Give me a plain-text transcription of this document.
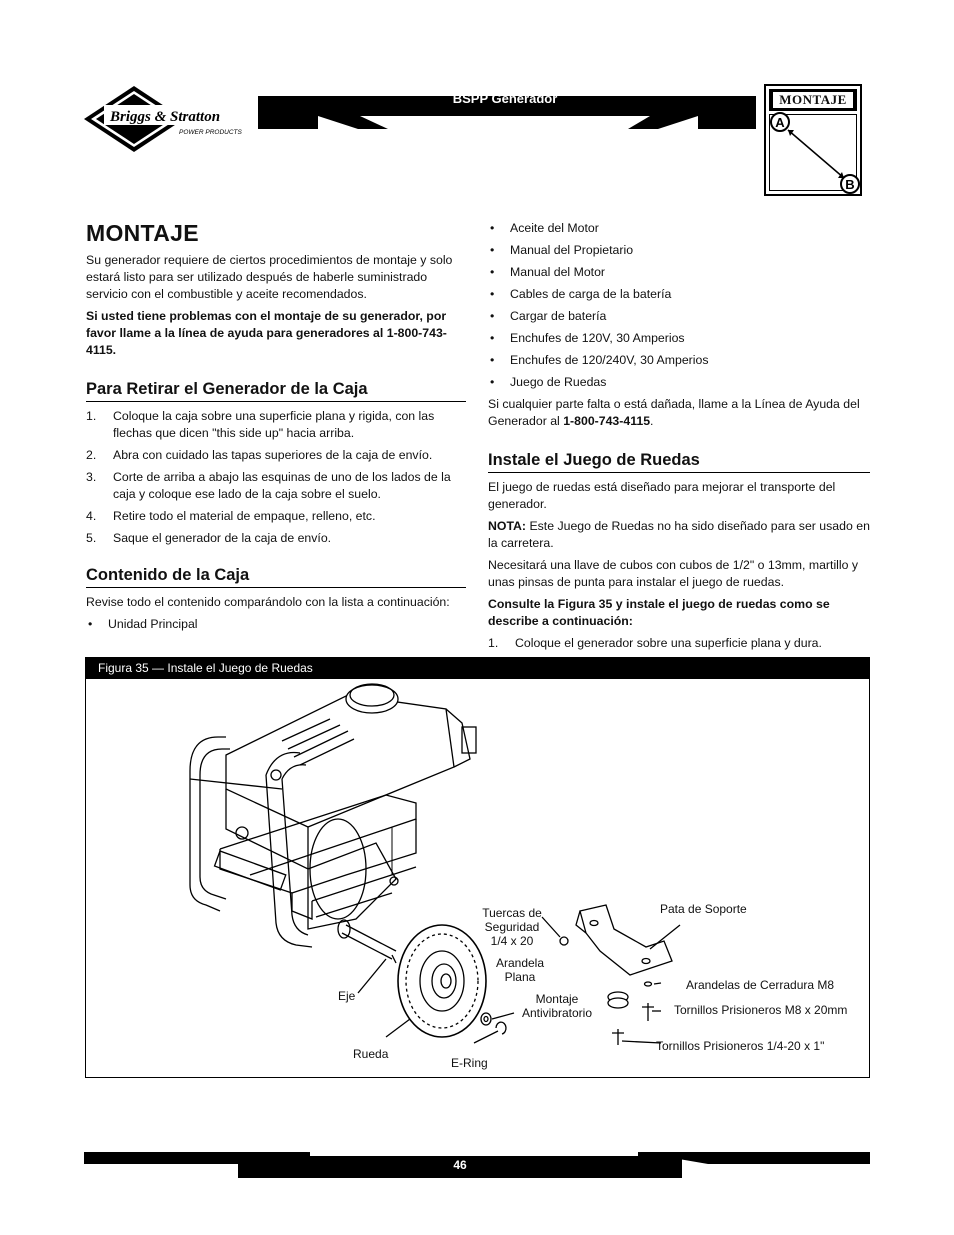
Briggs & Stratton
POWER PRODUCTS
BSPP Generador	MONTAJE
A
B
MONTAJE

Su generador requiere de ciertos procedimientos de montaje y solo estará listo para ser utilizado después de haberle suministrado servicio con el combustible y aceite recomendados.

Si usted tiene problemas con el montaje de su generador, por favor llame a la línea de ayuda para generadores al 1-800-743-4115.

Para Retirar el Generador de la Caja
1. Coloque la caja sobre una superficie plana y rigida, con las flechas que dicen "this side up" hacia arriba.
2. Abra con cuidado las tapas superiores de la caja de envío.
3. Corte de arriba a abajo las esquinas de uno de los lados de la caja y coloque ese lado de la caja sobre el suelo.
4. Retire todo el material de empaque, relleno, etc.
5. Saque el generador de la caja de envío.
Contenido de la Caja

Revise todo el contenido comparándolo con la lista a continuación:

• Unidad Principal
• Aceite del Motor
• Manual del Propietario
• Manual del Motor
• Cables de carga de la batería
• Cargar de batería
• Enchufes de 120V, 30 Amperios
• Enchufes de 120/240V, 30 Amperios
• Juego de Ruedas

Si cualquier parte falta o está dañada, llame a la Línea de Ayuda del Generador al 1-800-743-4115.

Instale el Juego de Ruedas

El juego de ruedas está diseñado para mejorar el transporte del generador.

NOTA: Este Juego de Ruedas no ha sido diseñado para ser usado en la carretera.

Necesitará una llave de cubos con cubos de 1/2" o 13mm, martillo y unas pinsas de punta para instalar el juego de ruedas.

Consulte la Figura 35 y instale el juego de ruedas como se describe a continuación:

1. Coloque el generador sobre una superficie plana y dura.
Figura 35 — Instale el Juego de Ruedas
Tuercas de
Seguridad
1/4 x 20
Pata de Soporte
Arandela
Plana
Arandelas de Cerradura M8
Eje	Montaje
Antivibratorio	Tornillos Prisioneros M8 x 20mm
Rueda
Tornillos Prisioneros 1/4-20 x 1"
E-Ring
46
